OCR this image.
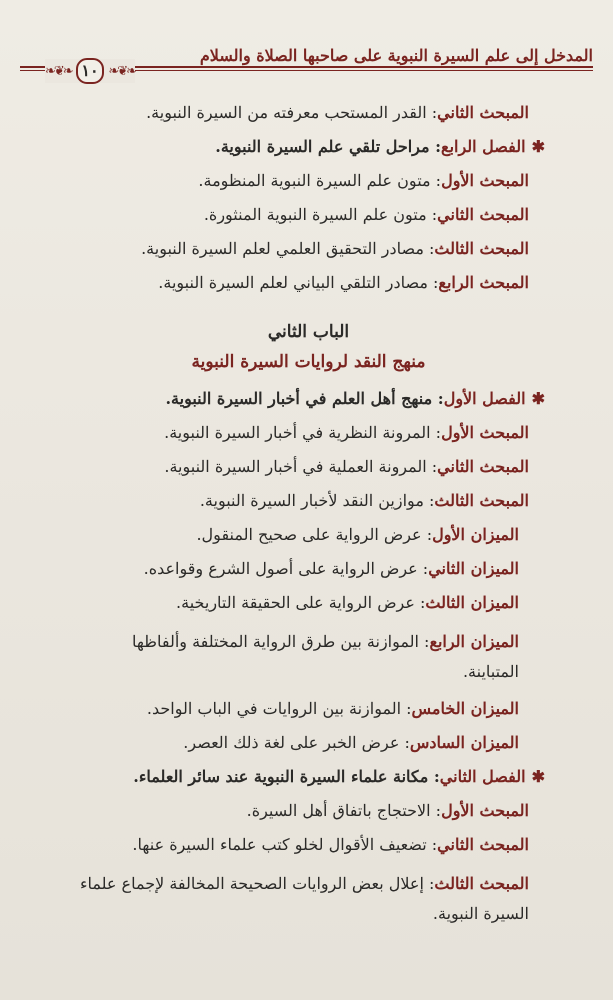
المدخل إلى علم السيرة النبوية على صاحبها الصلاة والسلام
❧❦❧ ١٠ ❧❦❧
المبحث الثاني: القدر المستحب معرفته من السيرة النبوية.
✱الفصل الرابع: مراحل تلقي علم السيرة النبوية.
المبحث الأول: متون علم السيرة النبوية المنظومة.
المبحث الثاني: متون علم السيرة النبوية المنثورة.
المبحث الثالث: مصادر التحقيق العلمي لعلم السيرة النبوية.
المبحث الرابع: مصادر التلقي البياني لعلم السيرة النبوية.
الباب الثاني
منهج النقد لروايات السيرة النبوية
✱الفصل الأول: منهج أهل العلم في أخبار السيرة النبوية.
المبحث الأول: المرونة النظرية في أخبار السيرة النبوية.
المبحث الثاني: المرونة العملية في أخبار السيرة النبوية.
المبحث الثالث: موازين النقد لأخبار السيرة النبوية.
الميزان الأول: عرض الرواية على صحيح المنقول.
الميزان الثاني: عرض الرواية على أصول الشرع وقواعده.
الميزان الثالث: عرض الرواية على الحقيقة التاريخية.
الميزان الرابع: الموازنة بين طرق الرواية المختلفة وألفاظها المتباينة.
الميزان الخامس: الموازنة بين الروايات في الباب الواحد.
الميزان السادس: عرض الخبر على لغة ذلك العصر.
✱الفصل الثاني: مكانة علماء السيرة النبوية عند سائر العلماء.
المبحث الأول: الاحتجاج باتفاق أهل السيرة.
المبحث الثاني: تضعيف الأقوال لخلو كتب علماء السيرة عنها.
المبحث الثالث: إعلال بعض الروايات الصحيحة المخالفة لإجماع علماء السيرة النبوية.
